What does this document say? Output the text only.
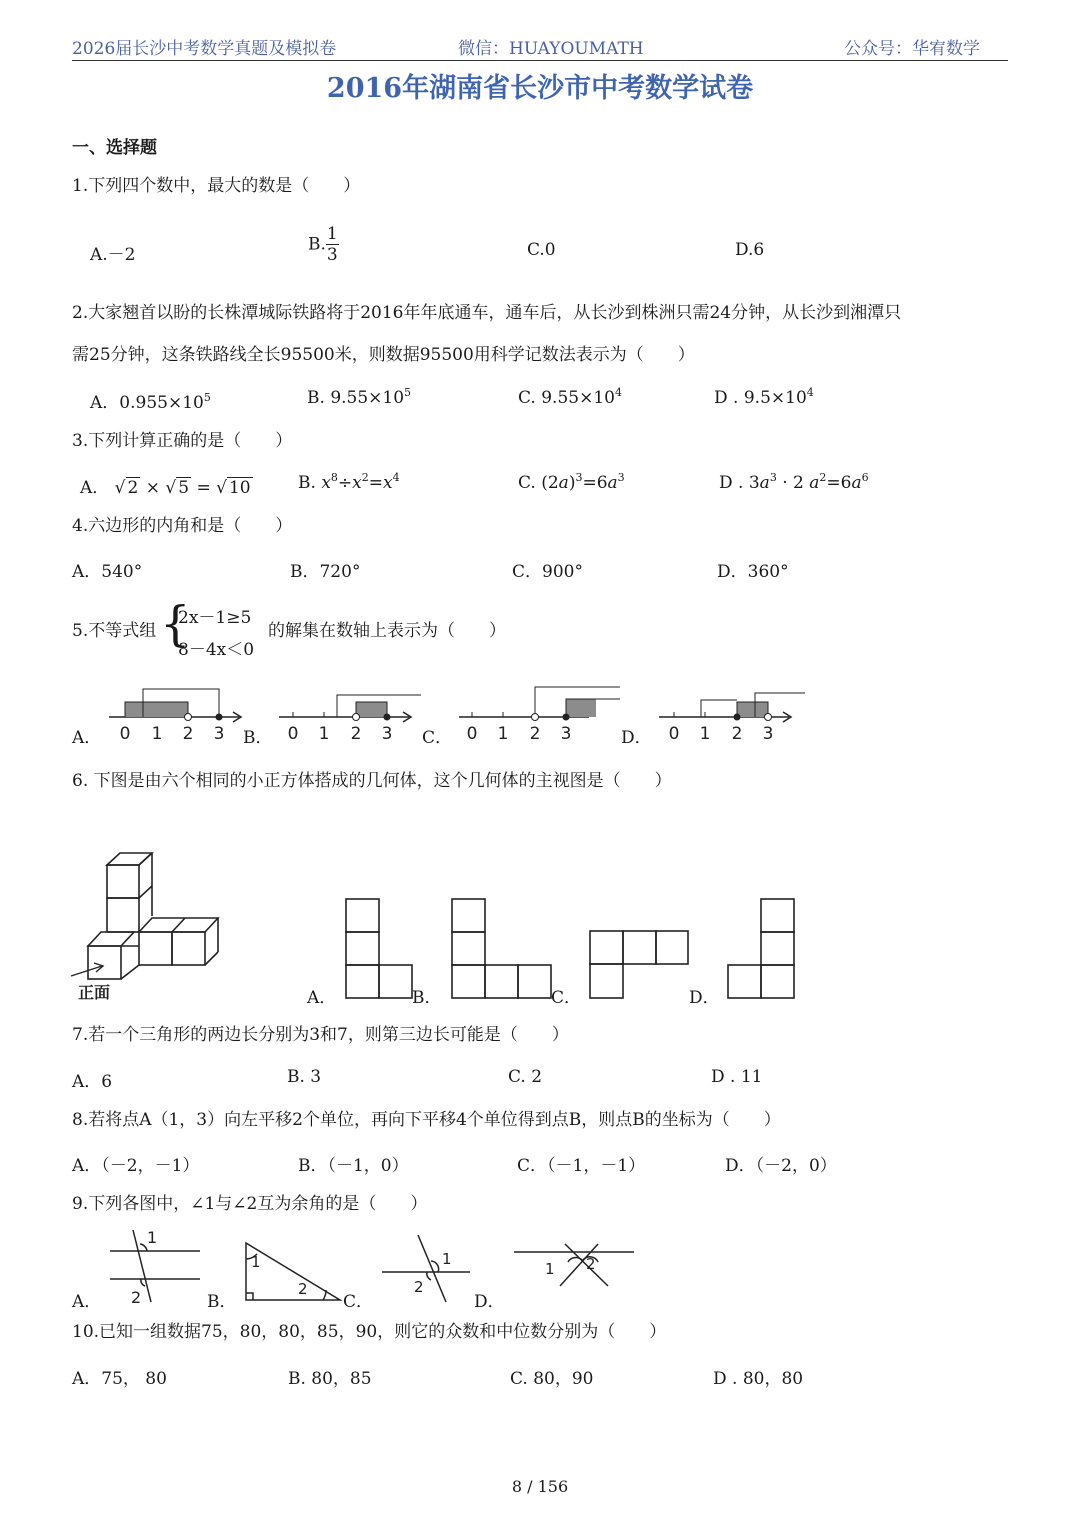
2026届长沙中考数学真题及模拟卷	微信：HUAYOUMATH	公众号：华宥数学
2016年湖南省长沙市中考数学试卷
一、选择题
1.下列四个数中，最大的数是（　　）
A.－2
B. $\frac{1}{3}$	C.0	D.6
2.大家翘首以盼的长株潭城际铁路将于2016年年底通车，通车后，从长沙到株洲只需24分钟，从长沙到湘潭只
需25分钟，这条铁路线全长95500米，则数据95500用科学记数法表示为（　　）
A．$0.955\times 10^5$	B. $9.55\times 10^5$	C. $9.55\times 10^4$	D . $9.5\times 10^4$
3.下列计算正确的是（　　）
A． √ 2 × √ 5 = √ 10	B. $x^8\div x^2=x^4$	C. $(2a)^3=6a^3$	D . $3a^3 \cdot 2$ $a^2=6a^6$
4.六边形的内角和是（　　）
A．540°	B．720°	C．900°	D．360°
5.不等式组 {
2x－1≥5
8－4x＜0
的解集在数轴上表示为（　　）
A．	B．	C．	D．
0 1 2 3	0 1 2 3	0 1 2 3	0 1 2 3
6. 下图是由六个相同的小正方体搭成的几何体，这个几何体的主视图是（　　）
正面	A．	B．	C．	D．
7.若一个三角形的两边长分别为3和7，则第三边长可能是（　　）
A．6	B. 3	C. 2	D . 11
8.若将点A（1，3）向左平移2个单位，再向下平移4个单位得到点B，则点B的坐标为（　　）
A．（－2，－1）	B．（－1，0）	C．（－1，－1）	D．（－2，0）
9.下列各图中，∠1与∠2互为余角的是（　　）
A．	B．	C．	D．
1
2
1
2
1
2
1 2
10.已知一组数据75，80，80，85，90，则它的众数和中位数分别为（　　）
A．75， 80	B. 80，85	C. 80，90	D . 80，80
8 / 156
